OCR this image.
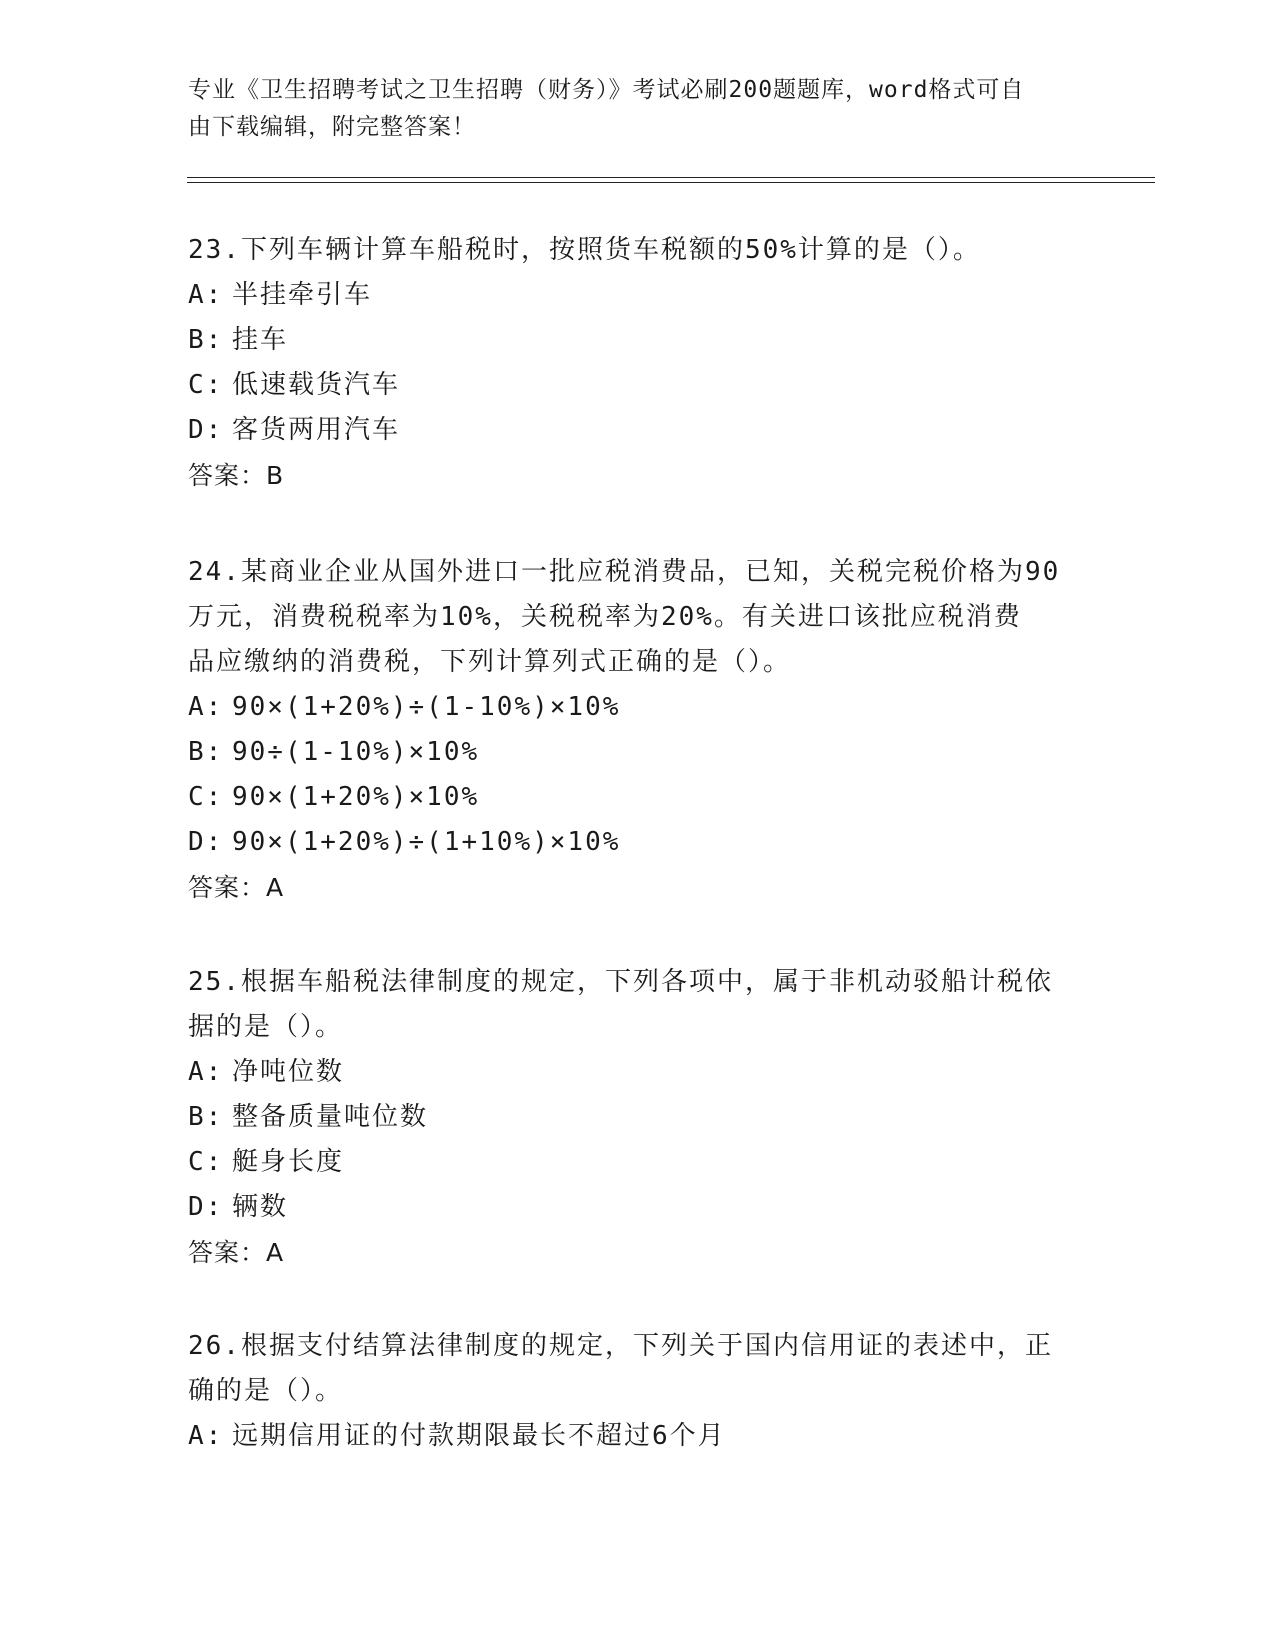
专业《卫生招聘考试之卫生招聘（财务）》考试必刷200题题库，word格式可自
由下载编辑，附完整答案！

23.下列车辆计算车船税时，按照货车税额的50%计算的是（）。

A: 半挂牵引车

B: 挂车

C: 低速载货汽车

D: 客货两用汽车

答案：B

24.某商业企业从国外进口一批应税消费品，已知，关税完税价格为90

万元，消费税税率为10%，关税税率为20%。有关进口该批应税消费

品应缴纳的消费税，下列计算列式正确的是（）。

A: 90×(1+20%)÷(1-10%)×10%

B: 90÷(1-10%)×10%

C: 90×(1+20%)×10%

D: 90×(1+20%)÷(1+10%)×10%

答案：A

25.根据车船税法律制度的规定，下列各项中，属于非机动驳船计税依

据的是（）。

A: 净吨位数

B: 整备质量吨位数

C: 艇身长度

D: 辆数

答案：A

26.根据支付结算法律制度的规定，下列关于国内信用证的表述中，正

确的是（）。

A: 远期信用证的付款期限最长不超过6个月
